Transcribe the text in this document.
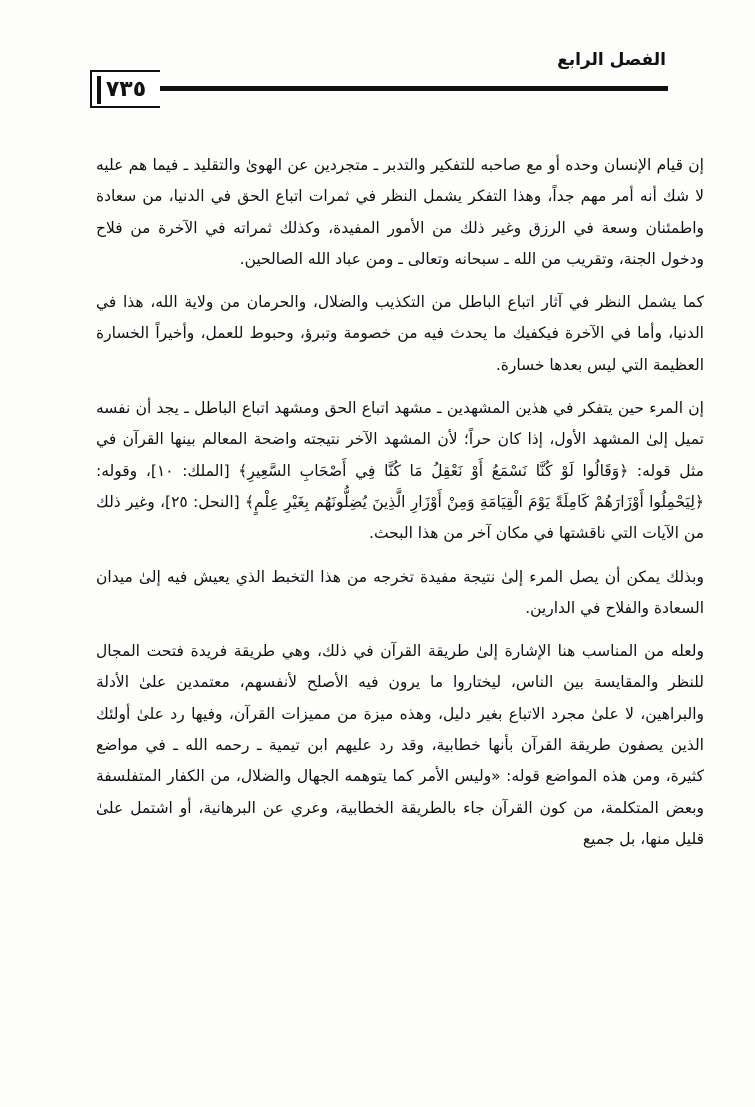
٧٣٥
الفصل الرابع

إن قيام الإنسان وحده أو مع صاحبه للتفكير والتدبر ـ متجردين عن الهوىٰ والتقليد ـ فيما هم عليه لا شك أنه أمر مهم جداً، وهذا التفكر يشمل النظر في ثمرات اتباع الحق في الدنيا، من سعادة واطمئنان وسعة في الرزق وغير ذلك من الأمور المفيدة، وكذلك ثمراته في الآخرة من فلاح ودخول الجنة، وتقريب من الله ـ سبحانه وتعالى ـ ومن عباد الله الصالحين.

كما يشمل النظر في آثار اتباع الباطل من التكذيب والضلال، والحرمان من ولاية الله، هذا في الدنيا، وأما في الآخرة فيكفيك ما يحدث فيه من خصومة وتبرؤ، وحبوط للعمل، وأخيراً الخسارة العظيمة التي ليس بعدها خسارة.

إن المرء حين يتفكر في هذين المشهدين ـ مشهد اتباع الحق ومشهد اتباع الباطل ـ يجد أن نفسه تميل إلىٰ المشهد الأول، إذا كان حراً؛ لأن المشهد الآخر نتيجته واضحة المعالم بينها القرآن في مثل قوله: ﴿وَقَالُوا لَوْ كُنَّا نَسْمَعُ أَوْ نَعْقِلُ مَا كُنَّا فِي أَصْحَابِ السَّعِيرِ﴾ [الملك: ١٠]، وقوله: ﴿لِيَحْمِلُوا أَوْزَارَهُمْ كَامِلَةً يَوْمَ الْقِيَامَةِ وَمِنْ أَوْزَارِ الَّذِينَ يُضِلُّونَهُم بِغَيْرِ عِلْمٍ﴾ [النحل: ٢٥]، وغير ذلك من الآيات التي ناقشتها في مكان آخر من هذا البحث.

وبذلك يمكن أن يصل المرء إلىٰ نتيجة مفيدة تخرجه من هذا التخبط الذي يعيش فيه إلىٰ ميدان السعادة والفلاح في الدارين.

ولعله من المناسب هنا الإشارة إلىٰ طريقة القرآن في ذلك، وهي طريقة فريدة فتحت المجال للنظر والمقايسة بين الناس، ليختاروا ما يرون فيه الأصلح لأنفسهم، معتمدين علىٰ الأدلة والبراهين، لا علىٰ مجرد الاتباع بغير دليل، وهذه ميزة من مميزات القرآن، وفيها رد علىٰ أولئك الذين يصفون طريقة القرآن بأنها خطابية، وقد رد عليهم ابن تيمية ـ رحمه الله ـ في مواضع كثيرة، ومن هذه المواضع قوله: «وليس الأمر كما يتوهمه الجهال والضلال، من الكفار المتفلسفة وبعض المتكلمة، من كون القرآن جاء بالطريقة الخطابية، وعري عن البرهانية، أو اشتمل علىٰ قليل منها، بل جميع
